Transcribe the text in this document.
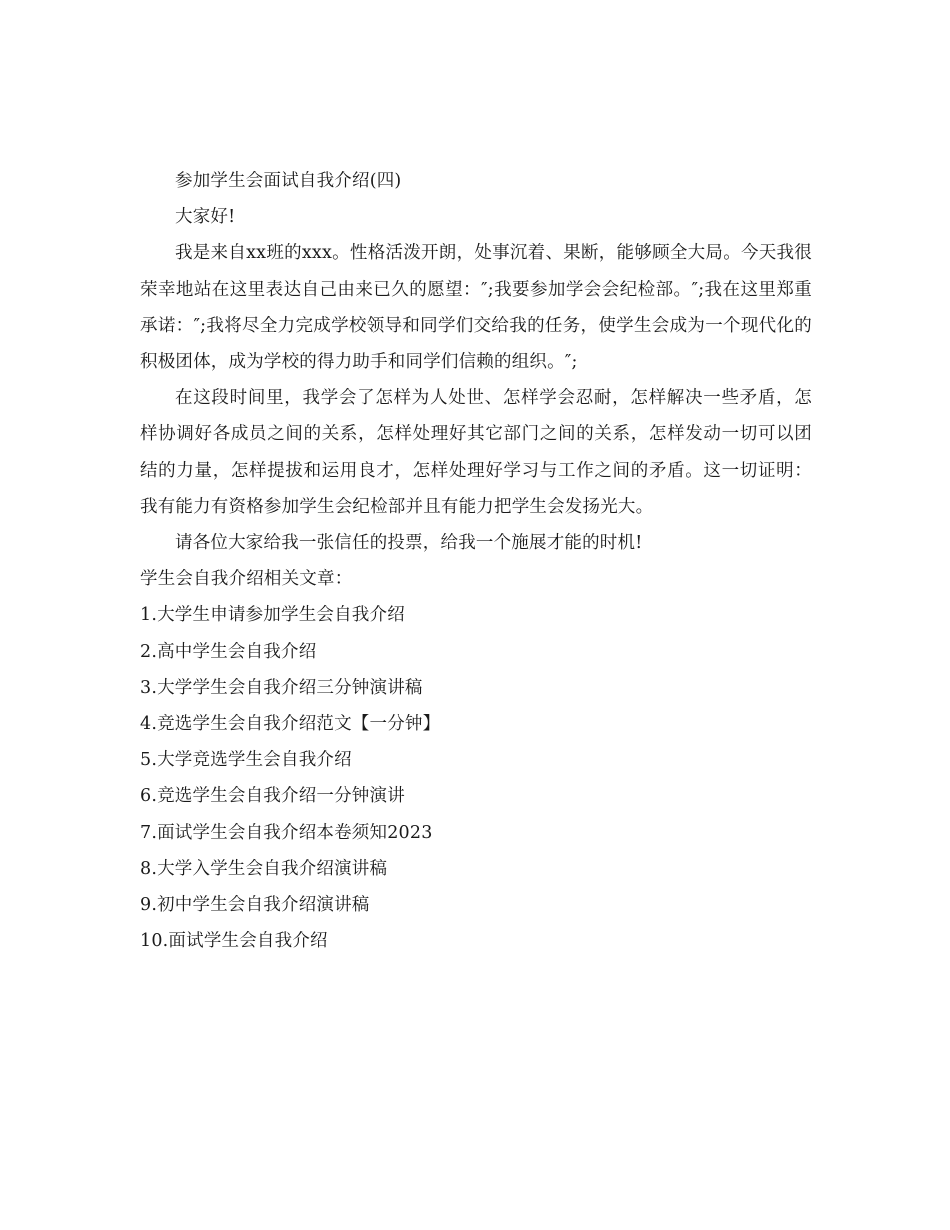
参加学生会面试自我介绍(四)

大家好!

我是来自xx班的xxx。性格活泼开朗，处事沉着、果断，能够顾全大局。今天我很荣幸地站在这里表达自己由来已久的愿望：″;我要参加学会会纪检部。″;我在这里郑重承诺：″;我将尽全力完成学校领导和同学们交给我的任务，使学生会成为一个现代化的积极团体，成为学校的得力助手和同学们信赖的组织。″;

在这段时间里，我学会了怎样为人处世、怎样学会忍耐，怎样解决一些矛盾，怎样协调好各成员之间的关系，怎样处理好其它部门之间的关系，怎样发动一切可以团结的力量，怎样提拔和运用良才，怎样处理好学习与工作之间的矛盾。这一切证明：我有能力有资格参加学生会纪检部并且有能力把学生会发扬光大。

请各位大家给我一张信任的投票，给我一个施展才能的时机!

学生会自我介绍相关文章：

1.大学生申请参加学生会自我介绍
2.高中学生会自我介绍
3.大学学生会自我介绍三分钟演讲稿
4.竞选学生会自我介绍范文【一分钟】
5.大学竞选学生会自我介绍
6.竞选学生会自我介绍一分钟演讲
7.面试学生会自我介绍本卷须知2023
8.大学入学生会自我介绍演讲稿
9.初中学生会自我介绍演讲稿
10.面试学生会自我介绍
